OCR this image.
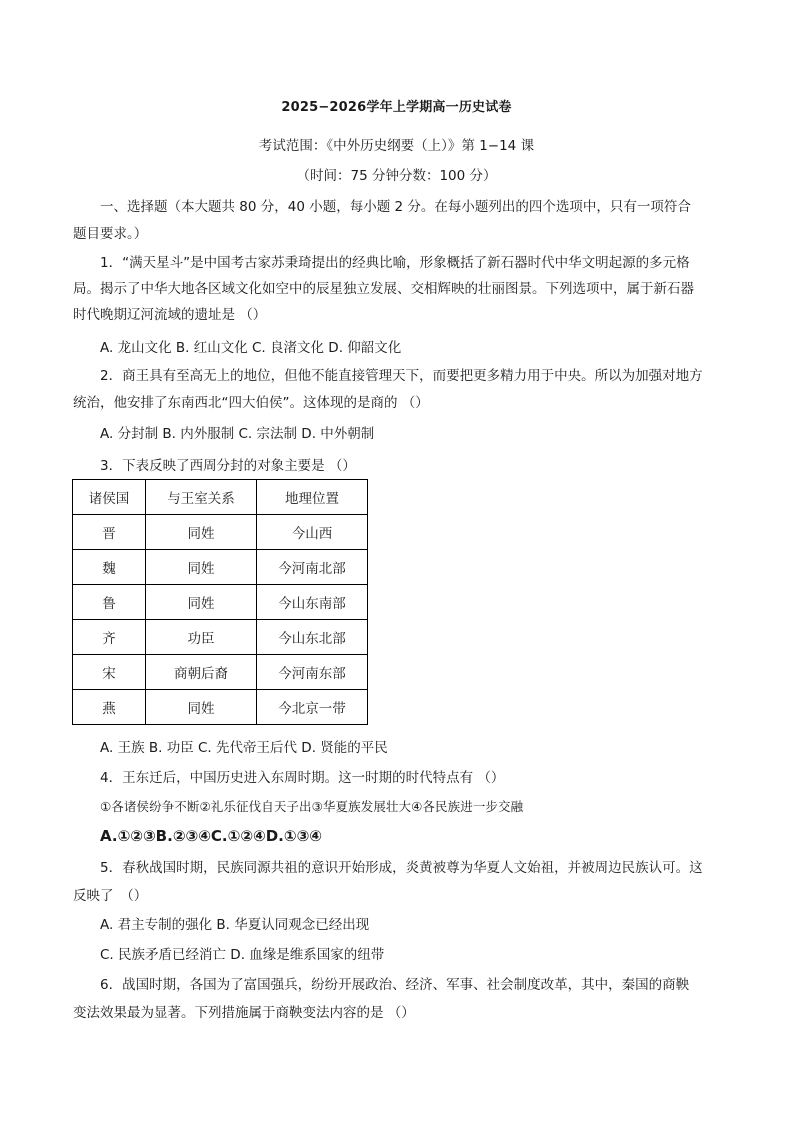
2025−2026学年上学期高一历史试卷
考试范围：《中外历史纲要（上）》第 1−14 课
（时间：75 分钟分数：100 分）
一、选择题（本大题共 80 分，40 小题，每小题 2 分。在每小题列出的四个选项中，只有一项符合
题目要求。）
1．“满天星斗”是中国考古家苏秉琦提出的经典比喻，形象概括了新石器时代中华文明起源的多元格
局。揭示了中华大地各区域文化如空中的辰星独立发展、交相辉映的壮丽图景。下列选项中，属于新石器
时代晚期辽河流域的遗址是 （）
A. 龙山文化 B. 红山文化 C. 良渚文化 D. 仰韶文化
2．商王具有至高无上的地位，但他不能直接管理天下，而要把更多精力用于中央。所以为加强对地方
统治，他安排了东南西北“四大伯侯”。这体现的是商的 （）
A. 分封制 B. 内外服制 C. 宗法制 D. 中外朝制
3．下表反映了西周分封的对象主要是 （）
诸侯国	与王室关系	地理位置
晋	同姓	今山西
魏	同姓	今河南北部
鲁	同姓	今山东南部
齐	功臣	今山东北部
宋	商朝后裔	今河南东部
燕	同姓	今北京一带
A. 王族 B. 功臣 C. 先代帝王后代 D. 贤能的平民
4．王东迁后，中国历史进入东周时期。这一时期的时代特点有 （）
①各诸侯纷争不断②礼乐征伐自天子出③华夏族发展壮大④各民族进一步交融
A.①②③B.②③④C.①②④D.①③④
5．春秋战国时期，民族同源共祖的意识开始形成，炎黄被尊为华夏人文始祖，并被周边民族认可。这
反映了　（）
A. 君主专制的强化 B. 华夏认同观念已经出现
C. 民族矛盾已经消亡 D. 血缘是维系国家的纽带
6．战国时期，各国为了富国强兵，纷纷开展政治、经济、军事、社会制度改革，其中，秦国的商鞅
变法效果最为显著。下列措施属于商鞅变法内容的是 （）
